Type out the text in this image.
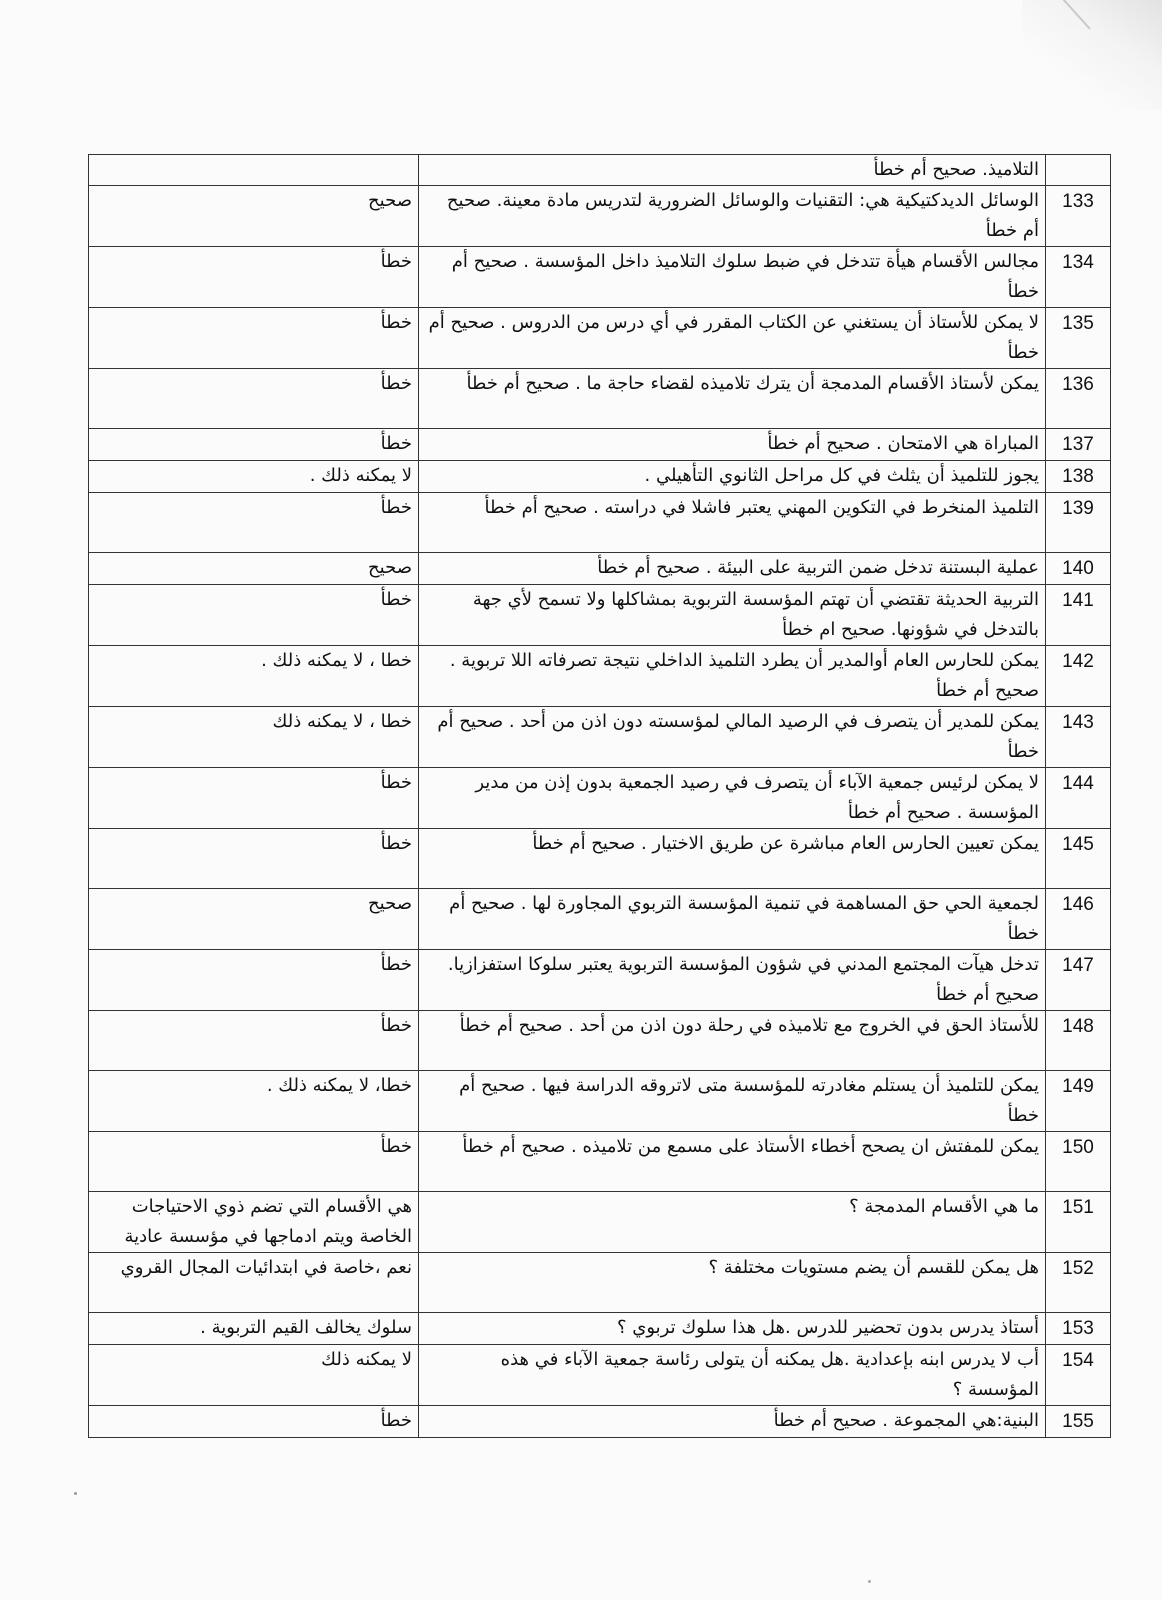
	التلاميذ. صحيح أم خطأ	
133	الوسائل الديدكتيكية هي: التقنيات والوسائل الضرورية لتدريس مادة معينة. صحيح أم خطأ	صحيح
134	مجالس الأقسام هيأة تتدخل في ضبط سلوك التلاميذ داخل المؤسسة . صحيح أم خطأ	خطأ
135	لا يمكن للأستاذ أن يستغني عن الكتاب المقرر في أي درس من الدروس . صحيح أم خطأ	خطأ
136	يمكن لأستاذ الأقسام المدمجة أن يترك تلاميذه لقضاء حاجة ما . صحيح أم خطأ	خطأ
137	المباراة هي الامتحان . صحيح أم خطأ	خطأ
138	يجوز للتلميذ أن يثلث في كل مراحل الثانوي التأهيلي .	لا يمكنه ذلك .
139	التلميذ المنخرط في التكوين المهني يعتبر فاشلا في دراسته . صحيح أم خطأ	خطأ
140	عملية البستنة تدخل ضمن التربية على البيئة . صحيح أم خطأ	صحيح
141	التربية الحديثة تقتضي أن تهتم المؤسسة التربوية بمشاكلها ولا تسمح لأي جهة بالتدخل في شؤونها. صحيح ام خطأ	خطأ
142	يمكن للحارس العام أوالمدير أن يطرد التلميذ الداخلي نتيجة تصرفاته اللا تربوية . صحيح أم خطأ	خطا ، لا يمكنه ذلك .
143	يمكن للمدير أن يتصرف في الرصيد المالي لمؤسسته دون اذن من أحد . صحيح أم خطأ	خطا ، لا يمكنه ذلك
144	لا يمكن لرئيس جمعية الآباء أن يتصرف في رصيد الجمعية بدون إذن من مدير المؤسسة . صحيح أم خطأ	خطأ
145	يمكن تعيين الحارس العام مباشرة عن طريق الاختيار . صحيح أم خطأ	خطأ
146	لجمعية الحي حق المساهمة في تنمية المؤسسة التربوي المجاورة لها . صحيح أم خطأ	صحيح
147	تدخل هيآت المجتمع المدني في شؤون المؤسسة التربوية يعتبر سلوكا استفزازيا. صحيح أم خطأ	خطأ
148	للأستاذ الحق في الخروج مع تلاميذه في رحلة دون اذن من أحد . صحيح أم خطأ	خطأ
149	يمكن للتلميذ أن يستلم مغادرته للمؤسسة متى لاتروقه الدراسة فيها . صحيح أم خطأ	خطا، لا يمكنه ذلك .
150	يمكن للمفتش ان يصحح أخطاء الأستاذ على مسمع من تلاميذه . صحيح أم خطأ	خطأ
151	ما هي الأقسام المدمجة ؟	هي الأقسام التي تضم ذوي الاحتياجات الخاصة ويتم ادماجها في مؤسسة عادية
152	هل يمكن للقسم أن يضم مستويات مختلفة ؟	نعم ،خاصة في ابتدائيات المجال القروي
153	أستاذ يدرس بدون تحضير للدرس .هل هذا سلوك تربوي ؟	سلوك يخالف القيم التربوية .
154	أب لا يدرس ابنه بإعدادية .هل يمكنه أن يتولى رئاسة جمعية الآباء في هذه المؤسسة ؟	لا يمكنه ذلك
155	البنية:هي المجموعة . صحيح أم خطأ	خطأ
